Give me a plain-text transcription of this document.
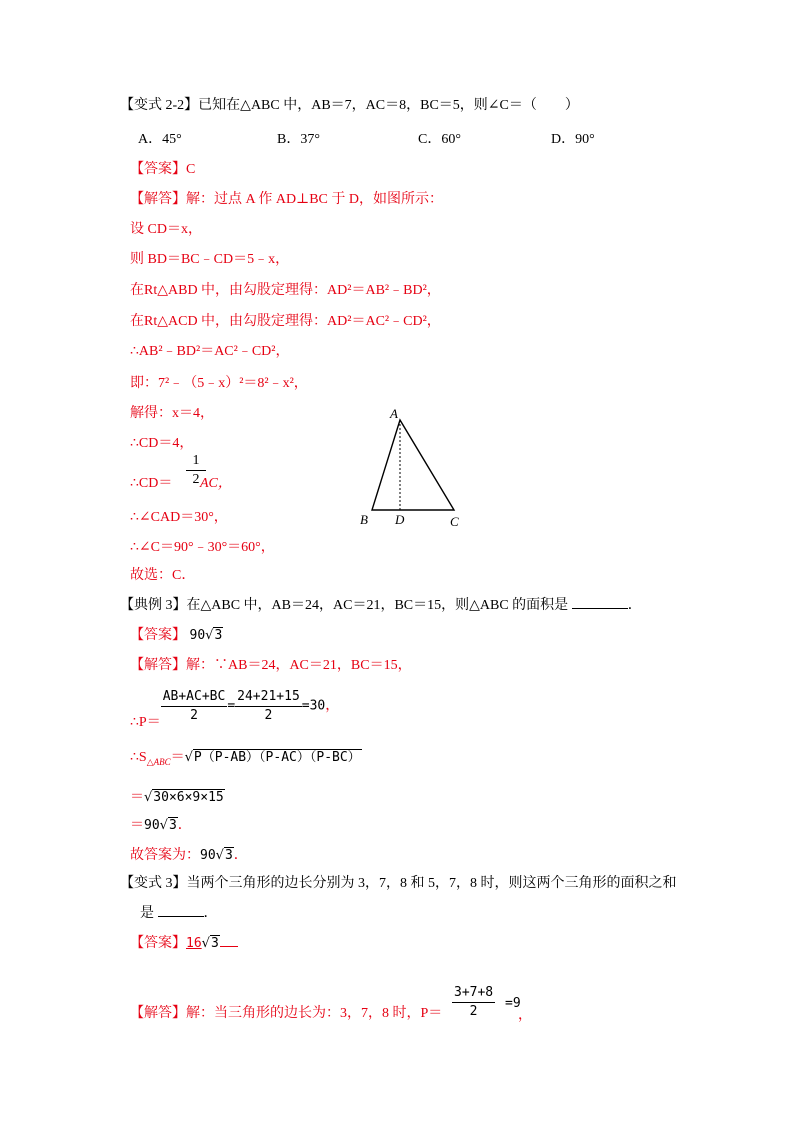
【变式 2-2】已知在△ABC 中，AB＝7，AC＝8，BC＝5，则∠C＝（　　）
A．45°	B．37°	C．60°	D．90°
【答案】C
【解答】解：过点 A 作 AD⊥BC 于 D，如图所示：
设 CD＝x，
则 BD＝BC﹣CD＝5﹣x，
在Rt△ABD 中，由勾股定理得：AD²＝AB²﹣BD²，
在Rt△ACD 中，由勾股定理得：AD²＝AC²﹣CD²，
∴AB²﹣BD²＝AC²﹣CD²，
即：7²﹣（5﹣x）²＝8²﹣x²，
解得：x＝4，
∴CD＝4，
∴CD＝ $\frac{1}{2}$
AC，
∴∠CAD＝30°，
∴∠C＝90°﹣30°＝60°，
故选：C．
A
B D	C
【典例 3】在△ABC 中，AB＝24，AC＝21，BC＝15，则△ABC 的面积是	．
【答案】 90√3
【解答】解：∵AB＝24，AC＝21，BC＝15，
∴P＝ $\frac{AB+AC+BC}{2} = \frac{24+21+15}{2} =30$，
$\therefore S_{\triangle ABC}=√P(P-AB)(P-AC)(P-BC)$
＝√30×6×9×15
＝90√3．
故答案为：90√3．
【变式 3】当两个三角形的边长分别为 3，7，8 和 5，7，8 时，则这两个三角形的面积之和
是	．
【答案】16√3
【解答】解：当三角形的边长为：3，7，8 时，$P= \frac{3+7+8}{2} =9$
，
